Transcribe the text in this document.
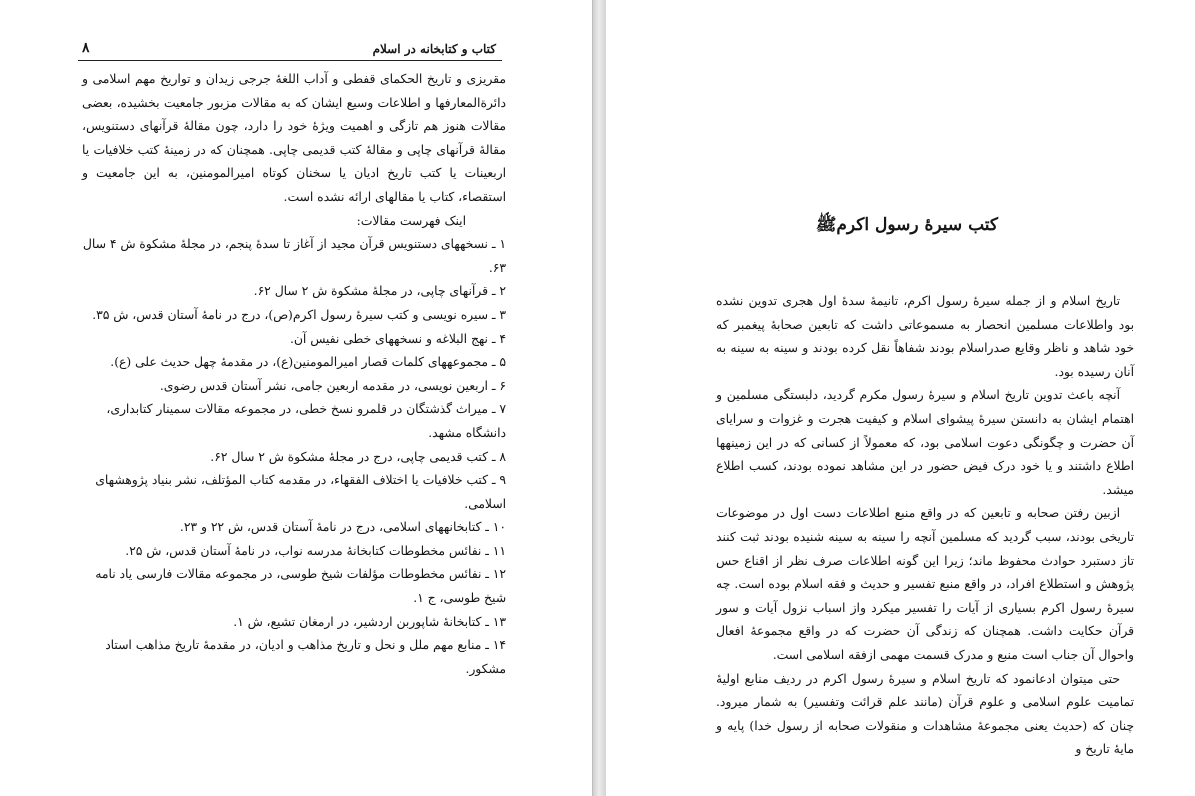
کتاب و کتابخانه در اسلام
۸

مقریزی و تاریخ الحکمای قفطی و آداب اللغهٔ جرجی زیدان و تواریخ مهم اسلامی و دائرةالمعارفها و اطلاعات وسیع ایشان که به مقالات مزبور جامعیت بخشیده، بعضی مقالات هنوز هم تازگی و اهمیت ویژهٔ خود را دارد، چون مقالهٔ قرآنهای دستنویس، مقالهٔ قرآنهای چاپی و مقالهٔ کتب قدیمی چاپی. همچنان که در زمینهٔ کتب خلافیات یا اربعینات یا کتب تاریخ ادیان یا سخنان کوتاه امیرالمومنین، به این جامعیت و استقصاء، کتاب یا مقالهای ارائه نشده است.

اینک فهرست مقالات:

۱ ـ نسخههای دستنویس قرآن مجید از آغاز تا سدهٔ پنجم، در مجلهٔ مشکوة ش ۴ سال ۶۳.

۲ ـ قرآنهای چاپی، در مجلهٔ مشکوة ش ۲ سال ۶۲.

۳ ـ سیره نویسی و کتب سیرهٔ رسول اکرم(ص)، درج در نامهٔ آستان قدس، ش ۳۵.

۴ ـ نهج البلاغه و نسخههای خطی نفیس آن.

۵ ـ مجموعههای کلمات قصار امیرالمومنین(ع)، در مقدمهٔ چهل حدیث علی (ع).

۶ ـ اربعین نویسی، در مقدمه اربعین جامی، نشر آستان قدس رضوی.

۷ ـ میراث گذشتگان در قلمرو نسخ خطی، در مجموعه مقالات سمینار کتابداری، دانشگاه مشهد.

۸ ـ کتب قدیمی چاپی، درج در مجلهٔ مشکوة ش ۲ سال ۶۲.

۹ ـ کتب خلافیات یا اختلاف الفقهاء، در مقدمه کتاب المؤتلف، نشر بنیاد پژوهشهای اسلامی.

۱۰ ـ کتابخانههای اسلامی، درج در نامهٔ آستان قدس، ش ۲۲ و ۲۳.

۱۱ ـ نفائس مخطوطات کتابخانهٔ مدرسه نواب، در نامهٔ آستان قدس، ش ۲۵.

۱۲ ـ نفائس مخطوطات مؤلفات شیخ طوسی، در مجموعه مقالات فارسی یاد نامه شیخ طوسی، ج ۱.

۱۳ ـ کتابخانهٔ شاپوربن اردشیر، در ارمغان تشیع، ش ۱.

۱۴ ـ منابع مهم ملل و نحل و تاریخ مذاهب و ادیان، در مقدمهٔ تاریخ مذاهب استاد مشکور.

تاریخ اسلام و از جمله سیرهٔ رسول اکرم، تانیمهٔ سدهٔ اول هجری تدوین نشده بود واطلاعات مسلمین انحصار به مسموعاتی داشت که تابعین صحابهٔ پیغمبر که خود شاهد و ناظر وقایع صدراسلام بودند شفاهاً نقل کرده بودند و سینه به سینه به آنان رسیده بود.

آنچه باعث تدوین تاریخ اسلام و سیرهٔ رسول مکرم گردید، دلبستگی مسلمین و اهتمام ایشان به دانستن سیرهٔ پیشوای اسلام و کیفیت هجرت و غزوات و سرایای آن حضرت و چگونگی دعوت اسلامی بود، که معمولاً از کسانی که در این زمینهها اطلاع داشتند و یا خود درک فیض حضور در این مشاهد نموده بودند، کسب اطلاع میشد.

ازبین رفتن صحابه و تابعین که در واقع منبع اطلاعات دست اول در موضوعات تاریخی بودند، سبب گردید که مسلمین آنچه را سینه به سینه شنیده بودند ثبت کنند تاز دستبرد حوادث محفوظ ماند؛ زیرا این گونه اطلاعات صرف نظر از اقناع حس پژوهش و استطلاع افراد، در واقع منبع تفسیر و حدیث و فقه اسلام بوده است. چه سیرهٔ رسول اکرم بسیاری از آیات را تفسیر میکرد واز اسباب نزول آیات و سور قرآن حکایت داشت. همچنان که زندگی آن حضرت که در واقع مجموعهٔ افعال واحوال آن جناب است منبع و مدرک قسمت مهمی ازفقه اسلامی است.

حتی میتوان ادعانمود که تاریخ اسلام و سیرهٔ رسول اکرم در ردیف منابع اولیهٔ تمامیت علوم اسلامی و علوم قرآن (مانند علم قرائت وتفسیر) به شمار میرود. چنان که (حدیث یعنی مجموعهٔ مشاهدات و منقولات صحابه از رسول خدا) پایه و مایهٔ تاریخ و

کتب سیرهٔ رسول اکرمﷺ
